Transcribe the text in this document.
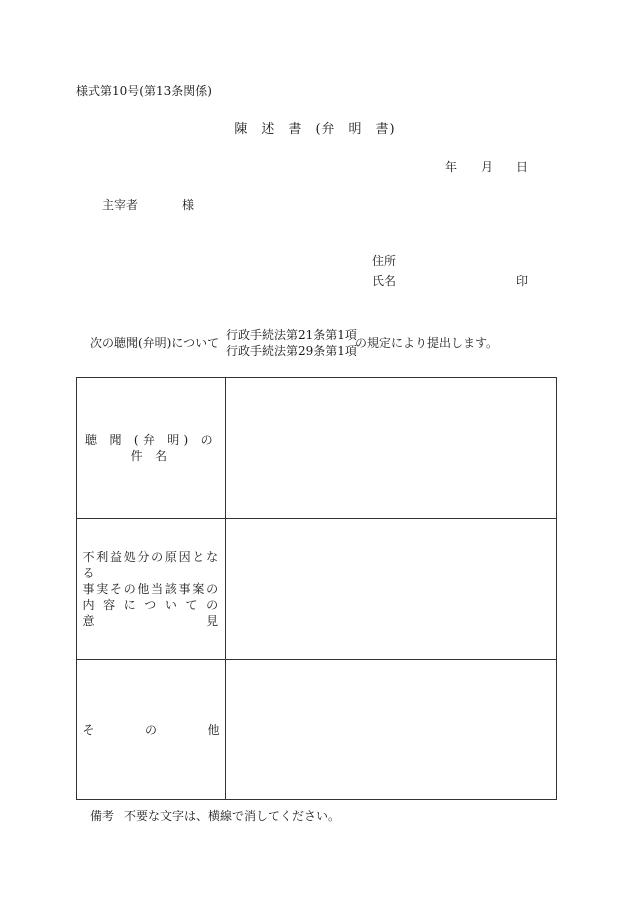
様式第10号(第13条関係)
陳 述 書 (弁 明 書)
年 月 日
主宰者	様
住所
氏名	印
次の聴聞(弁明)について
行政手続法第21条第1項
行政手続法第29条第1項
の規定により提出します。
聴 聞 (弁 明) の 件 名
不利益処分の原因となる
事実その他当該事案の
内 容 に つ い て の 意 見
そ	の	他
備考 不要な文字は、横線で消してください。
